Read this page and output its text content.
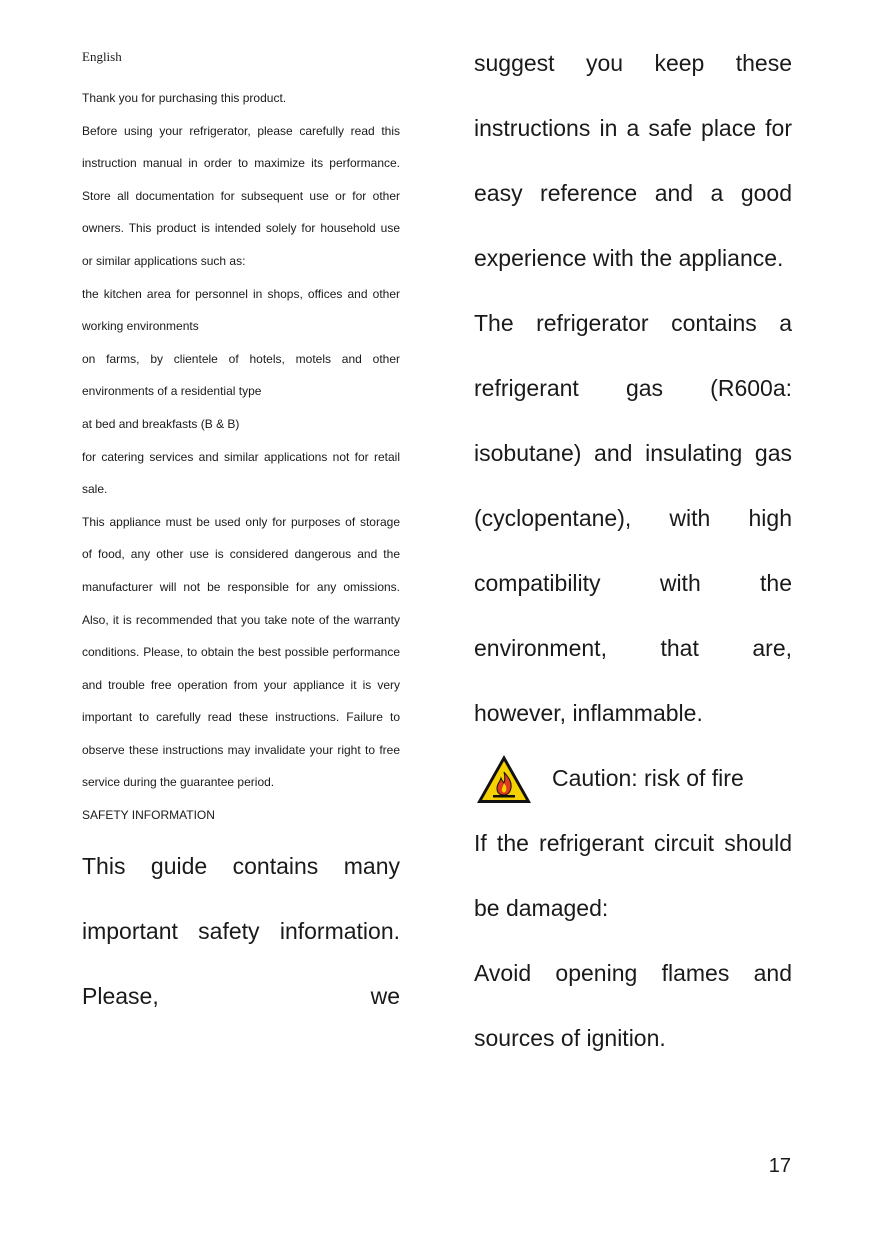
English

Thank you for purchasing this product.

Before using your refrigerator, please carefully read this instruction manual in order to maximize its performance. Store all documentation for subsequent use or for other owners. This product is intended solely for household use or similar applications such as:

the kitchen area for personnel in shops, offices and other working environments

on farms, by clientele of hotels, motels and other environments of a residential type

at bed and breakfasts (B & B)

for catering services and similar applications not for retail sale.

This appliance must be used only for purposes of storage of food, any other use is considered dangerous and the manufacturer will not be responsible for any omissions. Also, it is recommended that you take note of the warranty conditions. Please, to obtain the best possible performance and trouble free operation from your appliance it is very important to carefully read these instructions. Failure to observe these instructions may invalidate your right to free service during the guarantee period.

SAFETY INFORMATION

This guide contains many important safety information. Please, we

suggest you keep these instructions in a safe place for easy reference and a good experience with the appliance.

The refrigerator contains a refrigerant gas (R600a: isobutane) and insulating gas (cyclopentane), with high compatibility with the environment, that are, however, inflammable.

Caution: risk of fire

If the refrigerant circuit should be damaged:

Avoid opening flames and sources of ignition.

17
